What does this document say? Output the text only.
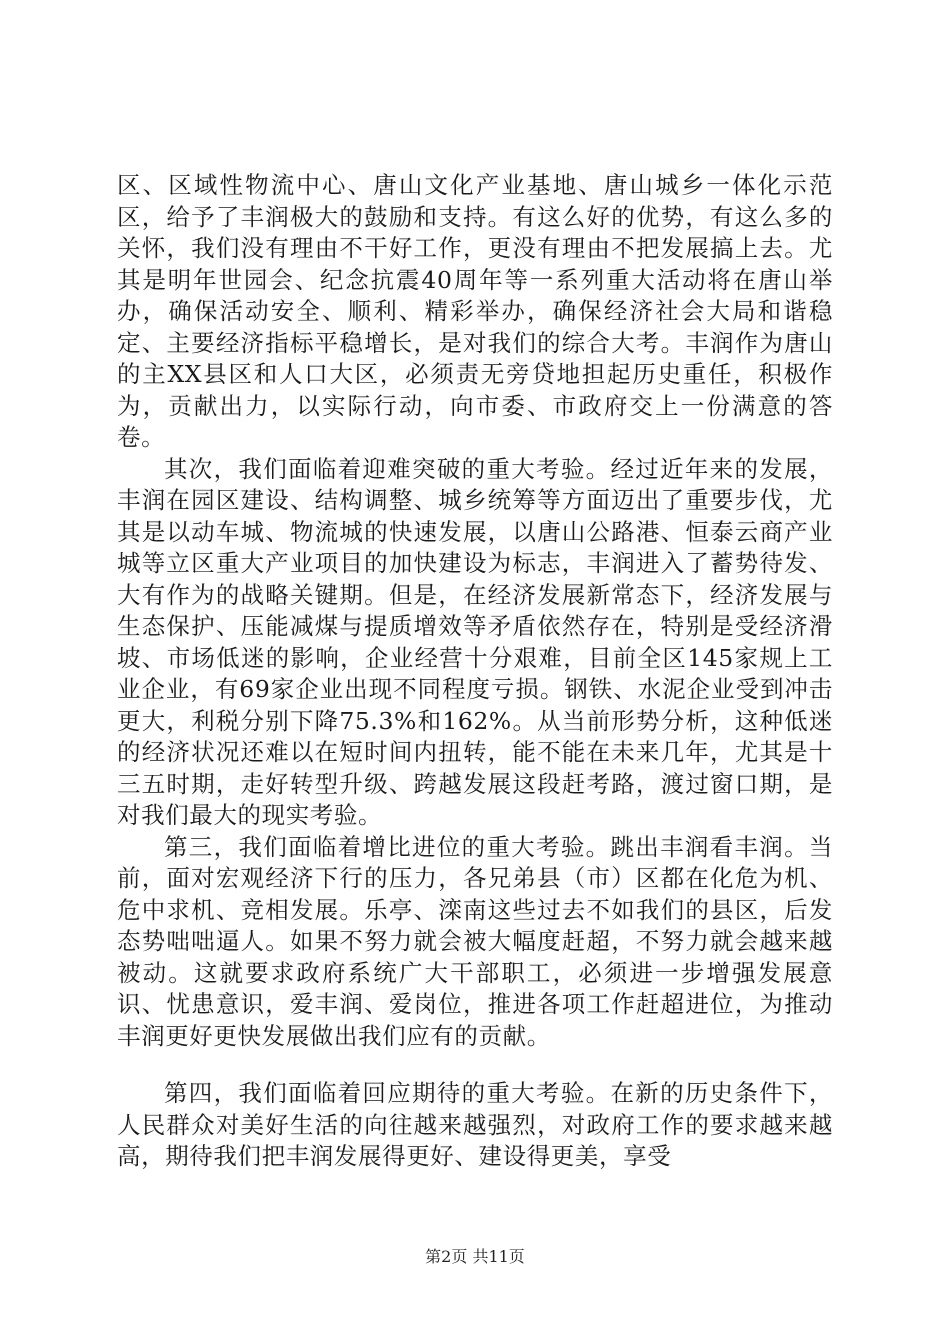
区、区域性物流中心、唐山文化产业基地、唐山城乡一体化示范区，给予了丰润极大的鼓励和支持。有这么好的优势，有这么多的关怀，我们没有理由不干好工作，更没有理由不把发展搞上去。尤其是明年世园会、纪念抗震40周年等一系列重大活动将在唐山举办，确保活动安全、顺利、精彩举办，确保经济社会大局和谐稳定、主要经济指标平稳增长，是对我们的综合大考。丰润作为唐山的主XX县区和人口大区，必须责无旁贷地担起历史重任，积极作为，贡献出力，以实际行动，向市委、市政府交上一份满意的答卷。

其次，我们面临着迎难突破的重大考验。经过近年来的发展，丰润在园区建设、结构调整、城乡统筹等方面迈出了重要步伐，尤其是以动车城、物流城的快速发展，以唐山公路港、恒泰云商产业城等立区重大产业项目的加快建设为标志，丰润进入了蓄势待发、大有作为的战略关键期。但是，在经济发展新常态下，经济发展与生态保护、压能减煤与提质增效等矛盾依然存在，特别是受经济滑坡、市场低迷的影响，企业经营十分艰难，目前全区145家规上工业企业，有69家企业出现不同程度亏损。钢铁、水泥企业受到冲击更大，利税分别下降75.3%和162%。从当前形势分析，这种低迷的经济状况还难以在短时间内扭转，能不能在未来几年，尤其是十三五时期，走好转型升级、跨越发展这段赶考路，渡过窗口期，是对我们最大的现实考验。

第三，我们面临着增比进位的重大考验。跳出丰润看丰润。当前，面对宏观经济下行的压力，各兄弟县（市）区都在化危为机、危中求机、竞相发展。乐亭、滦南这些过去不如我们的县区，后发态势咄咄逼人。如果不努力就会被大幅度赶超，不努力就会越来越被动。这就要求政府系统广大干部职工，必须进一步增强发展意识、忧患意识，爱丰润、爱岗位，推进各项工作赶超进位，为推动丰润更好更快发展做出我们应有的贡献。

第四，我们面临着回应期待的重大考验。在新的历史条件下，人民群众对美好生活的向往越来越强烈，对政府工作的要求越来越高，期待我们把丰润发展得更好、建设得更美，享受

第2页 共11页
